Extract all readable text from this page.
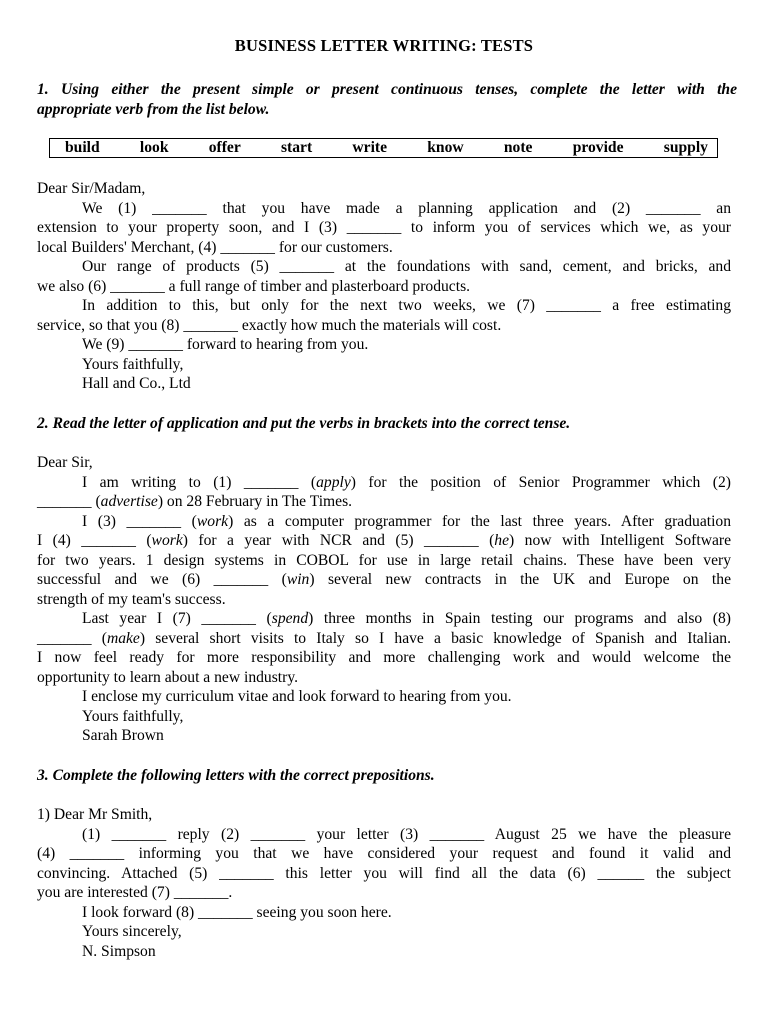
BUSINESS LETTER WRITING: TESTS
1. Using either the present simple or present continuous tenses, complete the letter with the
appropriate verb from the list below.
build	look	offer	start	write	know	note	provide	supply
Dear Sir/Madam,
We (1) _______ that you have made a planning application and (2) _______ an
extension to your property soon, and I (3) _______ to inform you of services which we, as your
local Builders' Merchant, (4) _______ for our customers.
Our range of products (5) _______ at the foundations with sand, cement, and bricks, and
we also (6) _______ a full range of timber and plasterboard products.
In addition to this, but only for the next two weeks, we (7) _______ a free estimating
service, so that you (8) _______ exactly how much the materials will cost.
We (9) _______ forward to hearing from you.
Yours faithfully,
Hall and Co., Ltd
2. Read the letter of application and put the verbs in brackets into the correct tense.
Dear Sir,
I am writing to (1) _______ (apply) for the position of Senior Programmer which (2)
_______ (advertise) on 28 February in The Times.
I (3) _______ (work) as a computer programmer for the last three years. After graduation
I (4) _______ (work) for a year with NCR and (5) _______ (he) now with Intelligent Software
for two years. 1 design systems in COBOL for use in large retail chains. These have been very
successful and we (6) _______ (win) several new contracts in the UK and Europe on the
strength of my team's success.
Last year I (7) _______ (spend) three months in Spain testing our programs and also (8)
_______ (make) several short visits to Italy so I have a basic knowledge of Spanish and Italian.
I now feel ready for more responsibility and more challenging work and would welcome the
opportunity to learn about a new industry.
I enclose my curriculum vitae and look forward to hearing from you.
Yours faithfully,
Sarah Brown
3. Complete the following letters with the correct prepositions.
1) Dear Mr Smith,
(1) _______ reply (2) _______ your letter (3) _______ August 25 we have the pleasure
(4) _______ informing you that we have considered your request and found it valid and
convincing. Attached (5) _______ this letter you will find all the data (6) ______ the subject
you are interested (7) _______.
I look forward (8) _______ seeing you soon here.
Yours sincerely,
N. Simpson
